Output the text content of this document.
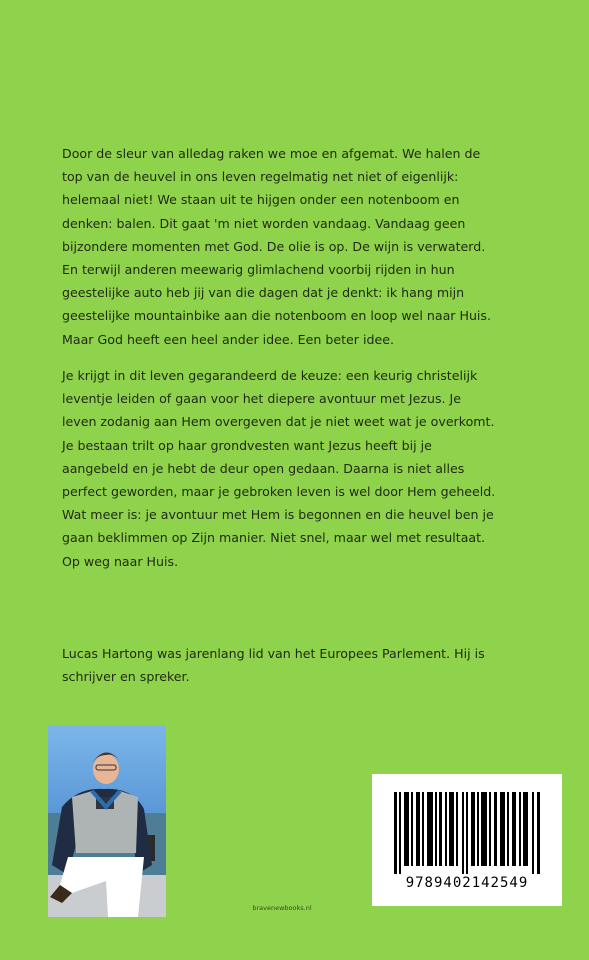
Door de sleur van alledag raken we moe en afgemat. We halen de
top van de heuvel in ons leven regelmatig net niet of eigenlijk:
helemaal niet! We staan uit te hijgen onder een notenboom en
denken: balen. Dit gaat 'm niet worden vandaag. Vandaag geen
bijzondere momenten met God. De olie is op. De wijn is verwaterd.
En terwijl anderen meewarig glimlachend voorbij rijden in hun
geestelijke auto heb jij van die dagen dat je denkt: ik hang mijn
geestelijke mountainbike aan die notenboom en loop wel naar Huis.
Maar God heeft een heel ander idee. Een beter idee.

Je krijgt in dit leven gegarandeerd de keuze: een keurig christelijk
leventje leiden of gaan voor het diepere avontuur met Jezus. Je
leven zodanig aan Hem overgeven dat je niet weet wat je overkomt.
Je bestaan trilt op haar grondvesten want Jezus heeft bij je
aangebeld en je hebt de deur open gedaan. Daarna is niet alles
perfect geworden, maar je gebroken leven is wel door Hem geheeld.
Wat meer is: je avontuur met Hem is begonnen en die heuvel ben je
gaan beklimmen op Zijn manier. Niet snel, maar wel met resultaat.
Op weg naar Huis.

Lucas Hartong was jarenlang lid van het Europees Parlement. Hij is
schrijver en spreker.

9789402142549
bravenewbooks.nl
